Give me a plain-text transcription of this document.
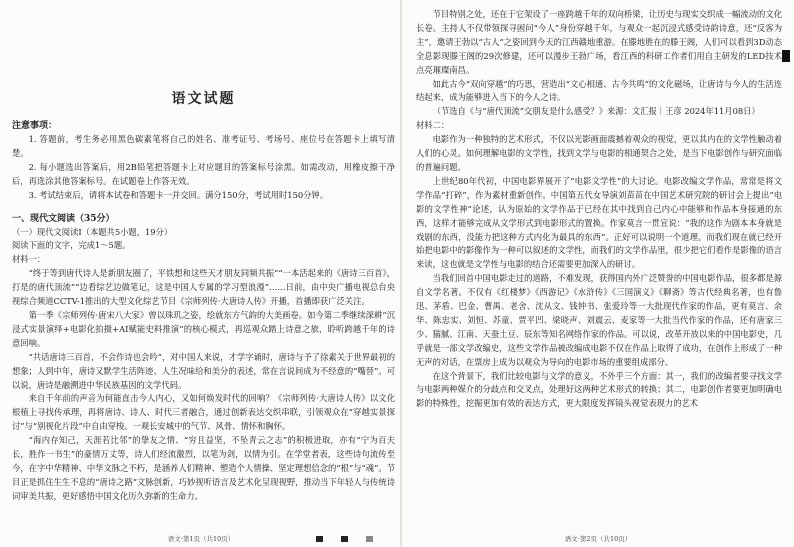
语文试题
注意事项：

1. 答题前，考生务必用黑色碳素笔将自己的姓名、准考证号、考场号、座位号在答题卡上填写清楚。

2. 每小题选出答案后，用2B铅笔把答题卡上对应题目的答案标号涂黑。如需改动，用橡皮擦干净后，再选涂其他答案标号。在试题卷上作答无效。

3. 考试结束后，请将本试卷和答题卡一并交回。满分150分，考试用时150分钟。

一、现代文阅读（35分）

（一）现代文阅读Ⅰ（本题共5小题，19分）

阅读下面的文字，完成1～5题。

材料一：

“终于等到唐代诗人是新朋友圈了，平铁想和这些天才朋友同频共振”“一本活起来的《唐诗三百首》，打是的唐代顶流”“边看综艺边做笔记，这是中国人专属的学习型浪漫”……日前，由中央广播电视总台央视综合频道CCTV-1推出的大型文化综艺节目《宗师列传·大唐诗人传》开播，首播即获广泛关注。

第一季《宗师列传·唐宋八大家》曾以珠玑之姿，绘就东方气韵的大美画卷。如今第二季继续深耕“沉浸式实景演绎+电影化拍摄+AI赋能史料推演”的核心模式，再巡观众踏上诗意之旅，聆听跨越千年的诗意回响。

“共话唐诗三百首，不会作诗也会吟”，对中国人来说，才学字诵时，唐诗与予了徐素关于世界最初的想象；人到中年，唐诗又默学生活阵迹、人生况味给和美分的表述，常在言说间成为不经意的“嘴替”。可以说，唐诗是融溯进中华民族基因的文学代码。

来自千年前的声音为何能直击今人内心，又如何焕发时代的回响？《宗师列传·大唐诗人传》以文化根植上寻找传承理，再将唐诗、诗人、时代三者融合，通过创新表达交织串联，引领观众在“穿越实景探讨”与“别视化片段”中自由穿梭。一观长安城中的气节、风骨、情怀和胸怀。

“海内存知己，天涯若比邻”的挚友之情、“穷且益坚，不坠青云之志”的积极进取，亦有“宁为百夫长，胜作一书生”的豪情万丈等，诗人们经流激烈，以笔为剑，以情为引。在学堂者表，这些诗句流传至今，在字中华精神、中华文脉之不朽，是涵养人们精神、塑造个人情操、坚定理想信念的“根”与“魂”。节目正是抓住生生不息的“唐诗之路”文脉创新，巧妙视听语言及艺术化呈现视野，推动当下年轻人与传统诗词审美共振，更好感悟中国文化历久弥新的生命力。

语文·第1页（共10页）

节目特别之处，还在于它架设了一座跨越千年的双向桥梁，让历史与现实交织成一幅流动的文化长卷。主持人不仅带领探寻困问“今人”身份穿越千年，与观众一起沉浸式感受诗韵诗意，还“反客为主”，邀请王勃以“古人”之姿回到今天的江西赣地重游。在滕地胜在的滕王阁，人们可以看到3D动态全息影现滕王阁的29次修建，还可以漫步王勃广场，看江西的科研工作者们用自主研发的LED技术点亮璀璨南昌。

如此古今“双向穿越”的巧思，营造出“文心相通、古今共鸣”的文化磁场，让唐诗与今人的生活连结起来，成为能够进入当下的今人之诗。

（节选自《与“唐代顶流”交朋友是什么感受？》来源：文汇报｜王彦 2024年11月08日）

材料二：

电影作为一种独特的艺术形式，不仅以光影画面震撼着观众的视觉，更以其内在的文学性触动着人们的心灵。如何理解电影的文学性，找到文学与电影的相通契合之处，是当下电影创作与研究面临的普遍问题。

上世纪80年代初，中国电影界展开了“电影文学性”的大讨论。电影改编文学作品，常常是将文学作品“打碎”，作为素材重新创作。中国第五代女导演刘苗苗在中国艺术研究院的研讨会上提出“电影的文学性神”论述，认为原始的文学作品于已经在其中找到自己内心中能够和作品本身接通的东西，这样才能够完成从文学形式到电影形式的置换。作家莫言一贯宣说：“我的这作为剧本本身就是戏剧的东西，没能力把这种方式内化为最具的东西”。正好可以说明一个道理。而我们现在就已经开始把电影中的影像作为一种可以叙述的文学性，而我们的文学作品里，很少把它们看作是影像的语言来读，这也就是文学性与电影的结合还需要更加深入的研讨。

当我们回首中国电影走过的道路，不难发现，获得国内外广泛赞誉的中国电影作品，很多都是源自文学名著。不仅有《红楼梦》《西游记》《水浒传》《三国演义》《聊斋》等古代经典名著，也有鲁迅、茅盾、巴金、曹禺、老舍、沈从文、钱钟书、张爱玲等一大批现代作家的作品，更有莫言、余华、陈忠实、刘恒、苏童、贾平凹、梁晓声、刘震云、麦家等一大批当代作家的作品，还有唐家三少、猫腻、江南、天蚕土豆、辰东等知名网络作家的作品。可以说，改革开放以来的中国电影史，几乎就是一部文学改编史，这些文学作品被改编成电影不仅在作品上取得了成功，在创作上形成了一种无声的对话，在票房上成为以观众为导向的电影市场的重要组成部分。

在这个背景下，我们比较电影与文学的意义，不外乎三个方面：其一，我们的改编者要寻找文学与电影两种媒介的分歧点和交叉点，处理好这两种艺术形式的转换；其二，电影创作者要更加明确电影的特殊性，挖掘更加有效的表达方式，更大限度发挥镜头视觉表现力的艺术

语文·第2页（共10页）
